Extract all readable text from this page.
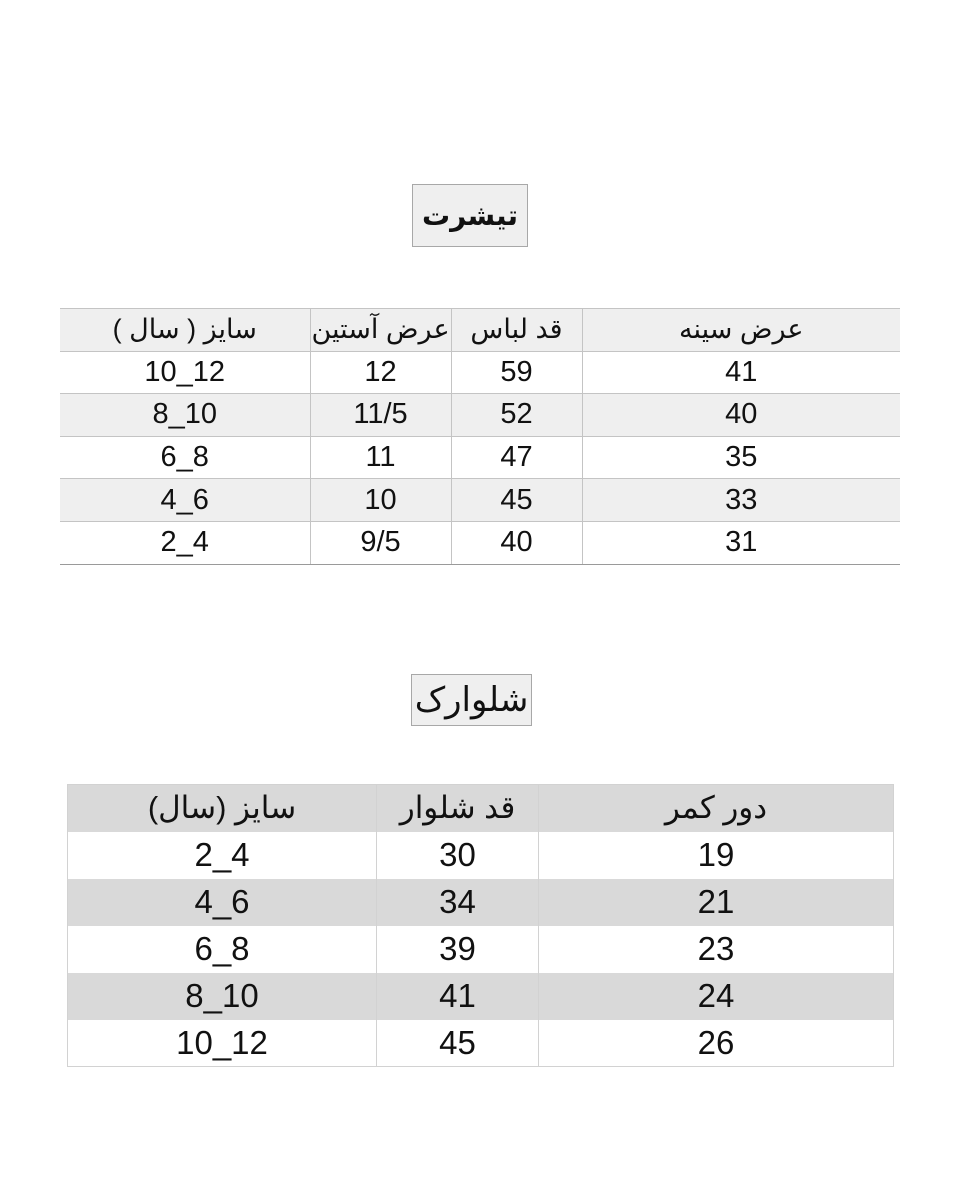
تیشرت
سایز ( سال )	عرض آستین	قد لباس	عرض سینه
10_12	12	59	41
8_10	11/5	52	40
6_8	11	47	35
4_6	10	45	33
2_4	9/5	40	31
شلوارک
سایز (سال)	قد شلوار	دور کمر
2_4	30	19
4_6	34	21
6_8	39	23
8_10	41	24
10_12	45	26
